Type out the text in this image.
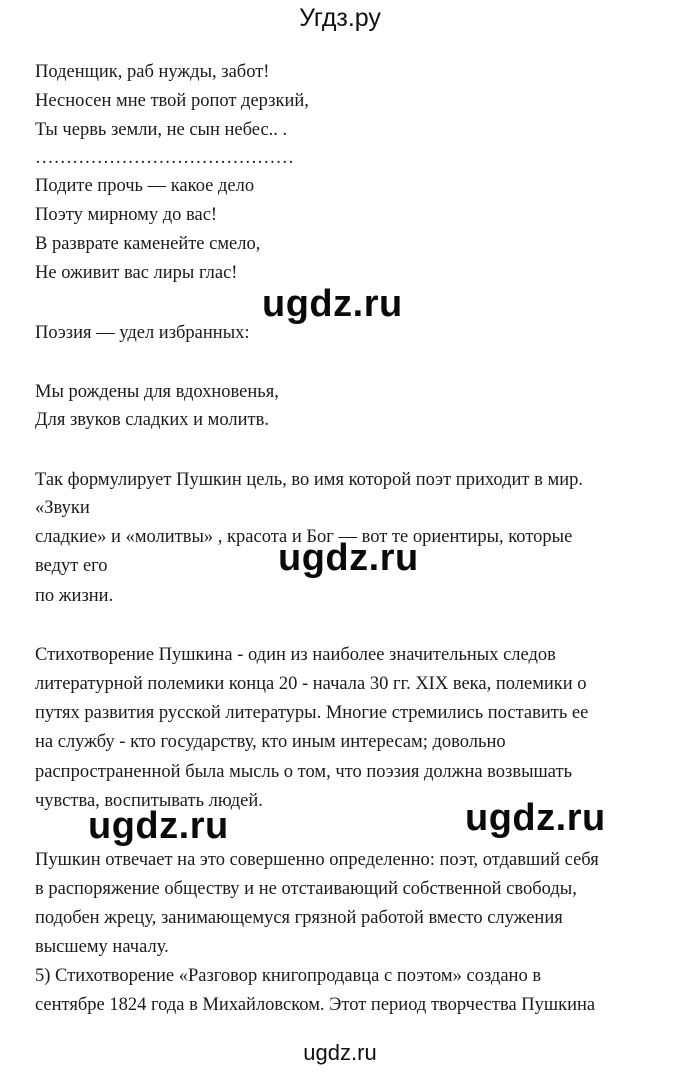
Угдз.ру
Поденщик, раб нужды, забот!
Несносен мне твой ропот дерзкий,
Ты червь земли, не сын небес.. .
……………………………………
Подите прочь — какое дело
Поэту мирному до вас!
В разврате каменейте смело,
Не оживит вас лиры глас!
Поэзия — удел избранных:
Мы рождены для вдохновенья,
Для звуков сладких и молитв.
Так формулирует Пушкин цель, во имя которой поэт приходит в мир.
«Звуки
сладкие» и «молитвы» , красота и Бог — вот те ориентиры, которые
ведут его
по жизни.
Стихотворение Пушкина - один из наиболее значительных следов
литературной полемики конца 20 - начала 30 гг. XIX века, полемики о
путях развития русской литературы. Многие стремились поставить ее
на службу - кто государству, кто иным интересам; довольно
распространенной была мысль о том, что поэзия должна возвышать
чувства, воспитывать людей.
Пушкин отвечает на это совершенно определенно: поэт, отдавший себя
в распоряжение обществу и не отстаивающий собственной свободы,
подобен жрецу, занимающемуся грязной работой вместо служения
высшему началу.
5) Стихотворение «Разговор книгопродавца с поэтом» создано в
сентябре 1824 года в Михайловском. Этот период творчества Пушкина
ugdz.ru
ugdz.ru
ugdz.ru	ugdz.ru
ugdz.ru
